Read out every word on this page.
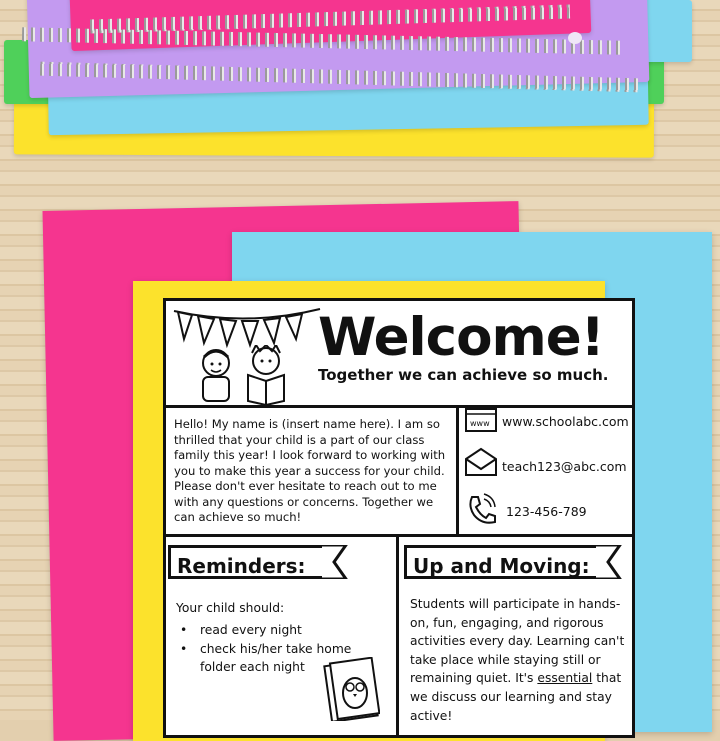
Welcome!
Together we can achieve so much.
Hello! My name is (insert name here). I am so thrilled that your child is a part of our class family this year! I look forward to working with you to make this year a success for your child. Please don't ever hesitate to reach out to me with any questions or concerns. Together we can achieve so much!
www www.schoolabc.com
teach123@abc.com
123-456-789
Reminders:
Your child should:
• read every night
• check his/her take home folder each night
Up and Moving:
Students will participate in hands-on, fun, engaging, and rigorous activities every day. Learning can't take place while staying still or remaining quiet. It's essential that we discuss our learning and stay active!
